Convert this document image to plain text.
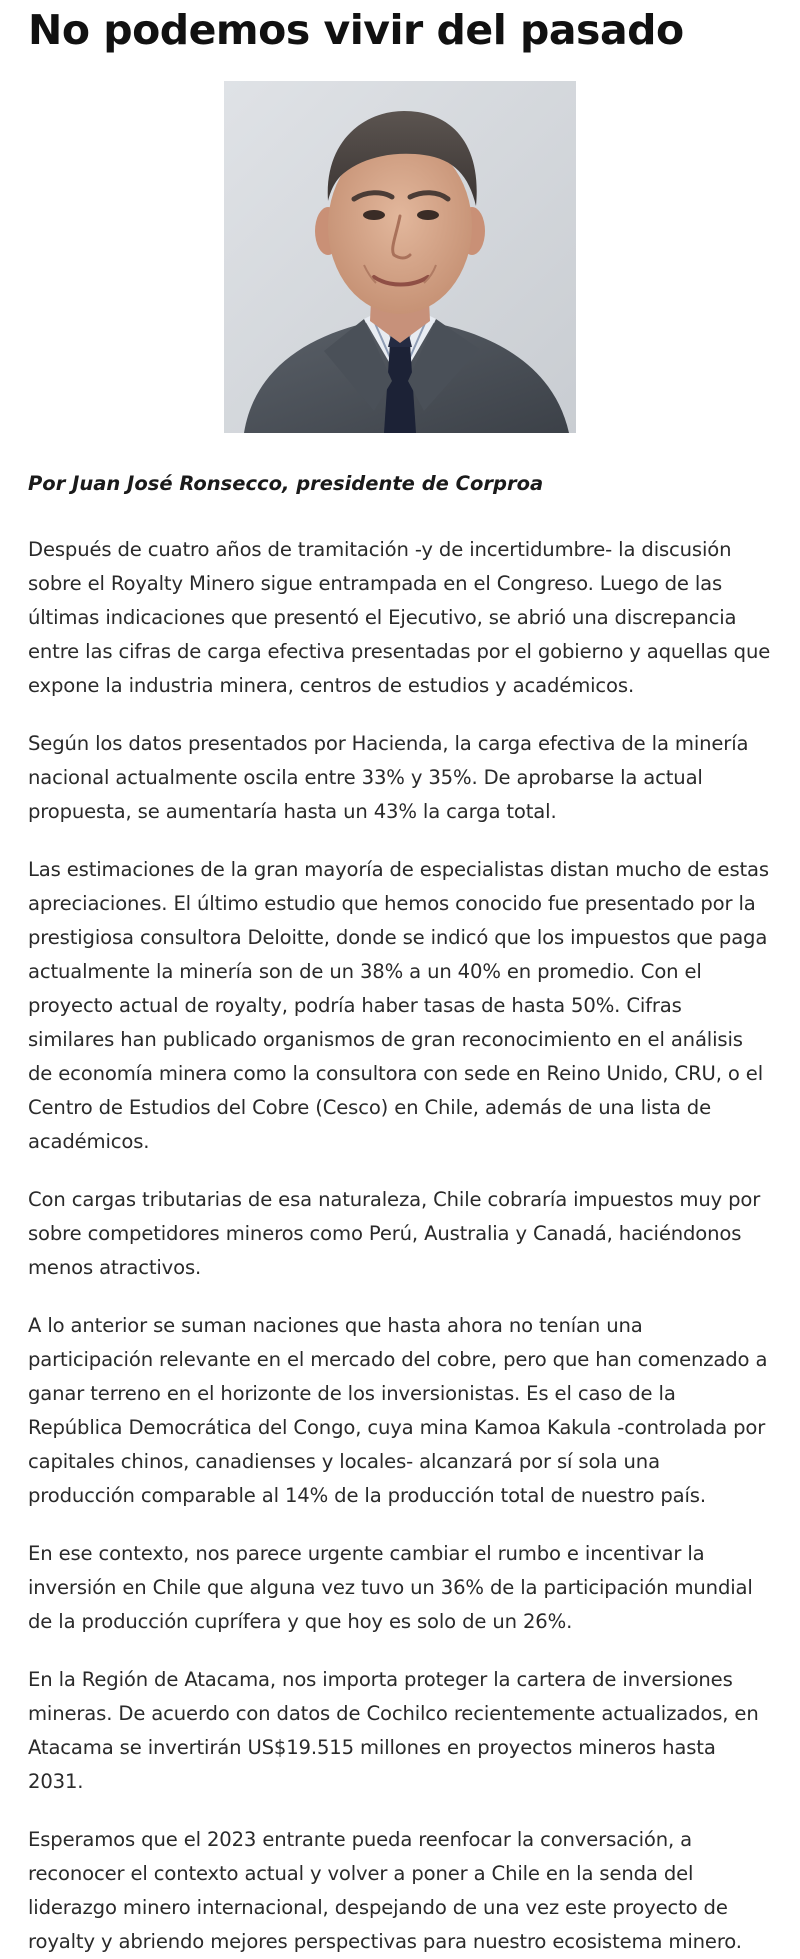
No podemos vivir del pasado

Por Juan José Ronsecco, presidente de Corproa

Después de cuatro años de tramitación -y de incertidumbre- la discusión sobre el Royalty Minero sigue entrampada en el Congreso. Luego de las últimas indicaciones que presentó el Ejecutivo, se abrió una discrepancia entre las cifras de carga efectiva presentadas por el gobierno y aquellas que expone la industria minera, centros de estudios y académicos.

Según los datos presentados por Hacienda, la carga efectiva de la minería nacional actualmente oscila entre 33% y 35%. De aprobarse la actual propuesta, se aumentaría hasta un 43% la carga total.

Las estimaciones de la gran mayoría de especialistas distan mucho de estas apreciaciones. El último estudio que hemos conocido fue presentado por la prestigiosa consultora Deloitte, donde se indicó que los impuestos que paga actualmente la minería son de un 38% a un 40% en promedio. Con el proyecto actual de royalty, podría haber tasas de hasta 50%. Cifras similares han publicado organismos de gran reconocimiento en el análisis de economía minera como la consultora con sede en Reino Unido, CRU, o el Centro de Estudios del Cobre (Cesco) en Chile, además de una lista de académicos.

Con cargas tributarias de esa naturaleza, Chile cobraría impuestos muy por sobre competidores mineros como Perú, Australia y Canadá, haciéndonos menos atractivos.

A lo anterior se suman naciones que hasta ahora no tenían una participación relevante en el mercado del cobre, pero que han comenzado a ganar terreno en el horizonte de los inversionistas. Es el caso de la República Democrática del Congo, cuya mina Kamoa Kakula -controlada por capitales chinos, canadienses y locales- alcanzará por sí sola una producción comparable al 14% de la producción total de nuestro país.

En ese contexto, nos parece urgente cambiar el rumbo e incentivar la inversión en Chile que alguna vez tuvo un 36% de la participación mundial de la producción cuprífera y que hoy es solo de un 26%.

En la Región de Atacama, nos importa proteger la cartera de inversiones mineras. De acuerdo con datos de Cochilco recientemente actualizados, en Atacama se invertirán US$19.515 millones en proyectos mineros hasta 2031.

Esperamos que el 2023 entrante pueda reenfocar la conversación, a reconocer el contexto actual y volver a poner a Chile en la senda del liderazgo minero internacional, despejando de una vez este proyecto de royalty y abriendo mejores perspectivas para nuestro ecosistema minero.
